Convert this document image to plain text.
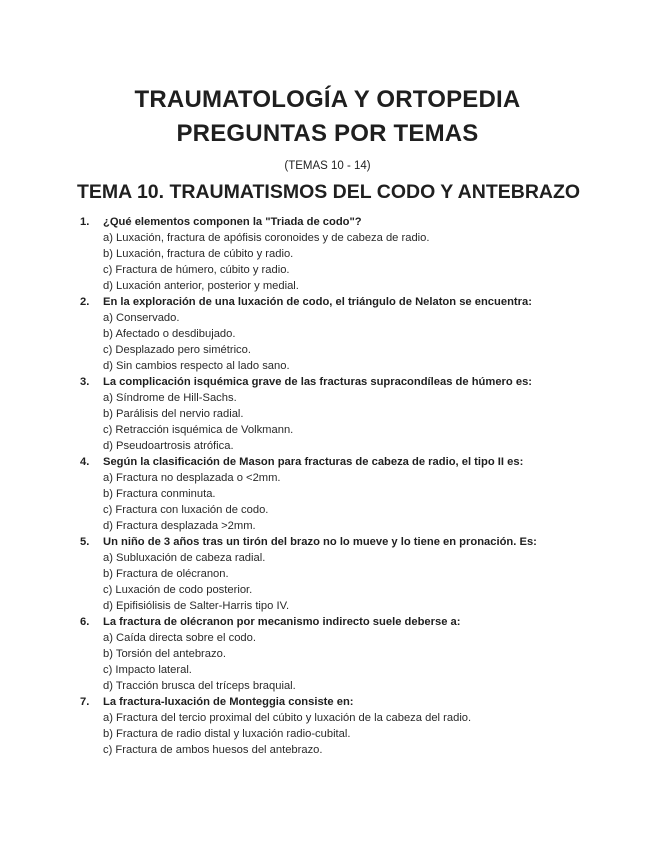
TRAUMATOLOGÍA Y ORTOPEDIA
PREGUNTAS POR TEMAS
(TEMAS 10 - 14)
TEMA 10. TRAUMATISMOS DEL CODO Y ANTEBRAZO
1.	¿Qué elementos componen la "Triada de codo"?
a) Luxación, fractura de apófisis coronoides y de cabeza de radio.
b) Luxación, fractura de cúbito y radio.
c) Fractura de húmero, cúbito y radio.
d) Luxación anterior, posterior y medial.
2.	En la exploración de una luxación de codo, el triángulo de Nelaton se encuentra:
a) Conservado.
b) Afectado o desdibujado.
c) Desplazado pero simétrico.
d) Sin cambios respecto al lado sano.
3.	La complicación isquémica grave de las fracturas supracondíleas de húmero es:
a) Síndrome de Hill-Sachs.
b) Parálisis del nervio radial.
c) Retracción isquémica de Volkmann.
d) Pseudoartrosis atrófica.
4.	Según la clasificación de Mason para fracturas de cabeza de radio, el tipo II es:
a) Fractura no desplazada o <2mm.
b) Fractura conminuta.
c) Fractura con luxación de codo.
d) Fractura desplazada >2mm.
5.	Un niño de 3 años tras un tirón del brazo no lo mueve y lo tiene en pronación. Es:
a) Subluxación de cabeza radial.
b) Fractura de olécranon.
c) Luxación de codo posterior.
d) Epifisiólisis de Salter-Harris tipo IV.
6.	La fractura de olécranon por mecanismo indirecto suele deberse a:
a) Caída directa sobre el codo.
b) Torsión del antebrazo.
c) Impacto lateral.
d) Tracción brusca del tríceps braquial.
7.	La fractura-luxación de Monteggia consiste en:
a) Fractura del tercio proximal del cúbito y luxación de la cabeza del radio.
b) Fractura de radio distal y luxación radio-cubital.
c) Fractura de ambos huesos del antebrazo.
